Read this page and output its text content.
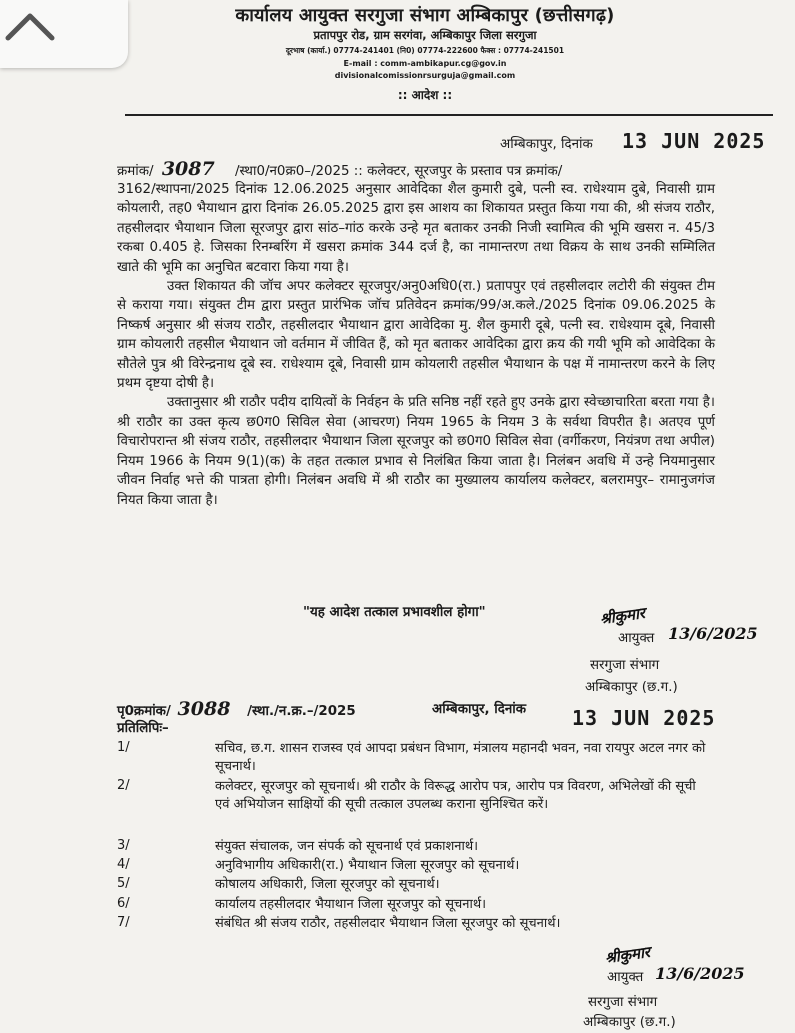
कार्यालय आयुक्त सरगुजा संभाग अम्बिकापुर (छत्तीसगढ़)
प्रतापपुर रोड, ग्राम सरगंवा, अम्बिकापुर जिला सरगुजा
दूरभाष (कार्या.) 07774-241401 (नि0) 07774-222600 फैक्स : 07774-241501
E-mail : comm-ambikapur.cg@gov.in
divisionalcomissionrsurguja@gmail.com
:: आदेश ::
अम्बिकापुर, दिनांक 13 JUN 2025
क्रमांक/ 3087 /स्था0/न0क्र0–/2025 :: कलेक्टर, सूरजपुर के प्रस्ताव पत्र क्रमांक/

3162/स्थापना/2025 दिनांक 12.06.2025 अनुसार आवेदिका शैल कुमारी दुबे, पत्नी स्व. राधेश्याम दुबे, निवासी ग्राम कोयलारी, तह0 भैयाथान द्वारा दिनांक 26.05.2025 द्वारा इस आशय का शिकायत प्रस्तुत किया गया की, श्री संजय राठौर, तहसीलदार भैयाथान जिला सूरजपुर द्वारा सांठ–गांठ करके उन्हे मृत बताकर उनकी निजी स्वामित्व की भूमि खसरा न. 45/3 रकबा 0.405 हे. जिसका रिनम्बरिंग में खसरा क्रमांक 344 दर्ज है, का नामान्तरण तथा विक्रय के साथ उनकी सम्मिलित खाते की भूमि का अनुचित बटवारा किया गया है।

उक्त शिकायत की जॉच अपर कलेक्टर सूरजपुर/अनु0अधि0(रा.) प्रतापपुर एवं तहसीलदार लटोरी की संयुक्त टीम से कराया गया। संयुक्त टीम द्वारा प्रस्तुत प्रारंभिक जॉच प्रतिवेदन क्रमांक/99/अ.कले./2025 दिनांक 09.06.2025 के निष्कर्ष अनुसार श्री संजय राठौर, तहसीलदार भैयाथान द्वारा आवेदिका मु. शैल कुमारी दूबे, पत्नी स्व. राधेश्याम दूबे, निवासी ग्राम कोयलारी तहसील भैयाथान जो वर्तमान में जीवित हैं, को मृत बताकर आवेदिका द्वारा क्रय की गयी भूमि को आवेदिका के सौतेले पुत्र श्री विरेन्द्रनाथ दूबे स्व. राधेश्याम दूबे, निवासी ग्राम कोयलारी तहसील भैयाथान के पक्ष में नामान्तरण करने के लिए प्रथम दृष्टया दोषी है।

उक्तानुसार श्री राठौर पदीय दायित्वों के निर्वहन के प्रति सनिष्ठ नहीं रहते हुए उनके द्वारा स्वेच्छाचारिता बरता गया है। श्री राठौर का उक्त कृत्य छ0ग0 सिविल सेवा (आचरण) नियम 1965 के नियम 3 के सर्वथा विपरीत है। अतएव पूर्ण विचारोपरान्त श्री संजय राठौर, तहसीलदार भैयाथान जिला सूरजपुर को छ0ग0 सिविल सेवा (वर्गीकरण, नियंत्रण तथा अपील) नियम 1966 के नियम 9(1)(क) के तहत तत्काल प्रभाव से निलंबित किया जाता है। निलंबन अवधि में उन्हे नियमानुसार जीवन निर्वाह भत्ते की पात्रता होगी। निलंबन अवधि में श्री राठौर का मुख्यालय कार्यालय कलेक्टर, बलरामपुर– रामानुजगंज नियत किया जाता है।

"यह आदेश तत्काल प्रभावशील होगा"	श्रीकुमार
आयुक्त 13/6/2025
सरगुजा संभाग
अम्बिकापुर (छ.ग.)
पृ0क्रमांक/ 3088 /स्था./न.क्र.–/2025	अम्बिकापुर, दिनांक 13 JUN 2025
प्रतिलिपिः–
1/	सचिव, छ.ग. शासन राजस्व एवं आपदा प्रबंधन विभाग, मंत्रालय महानदी भवन, नवा रायपुर अटल नगर को सूचनार्थ।
2/	कलेक्टर, सूरजपुर को सूचनार्थ। श्री राठौर के विरूद्ध आरोप पत्र, आरोप पत्र विवरण, अभिलेखों की सूची एवं अभियोजन साक्षियों की सूची तत्काल उपलब्ध कराना सुनिश्चित करें।
3/	संयुक्त संचालक, जन संपर्क को सूचनार्थ एवं प्रकाशनार्थ।
4/	अनुविभागीय अधिकारी(रा.) भैयाथान जिला सूरजपुर को सूचनार्थ।
5/	कोषालय अधिकारी, जिला सूरजपुर को सूचनार्थ।
6/	कार्यालय तहसीलदार भैयाथान जिला सूरजपुर को सूचनार्थ।
7/	संबंधित श्री संजय राठौर, तहसीलदार भैयाथान जिला सूरजपुर को सूचनार्थ।
श्रीकुमार
आयुक्त 13/6/2025
सरगुजा संभाग
अम्बिकापुर (छ.ग.)
